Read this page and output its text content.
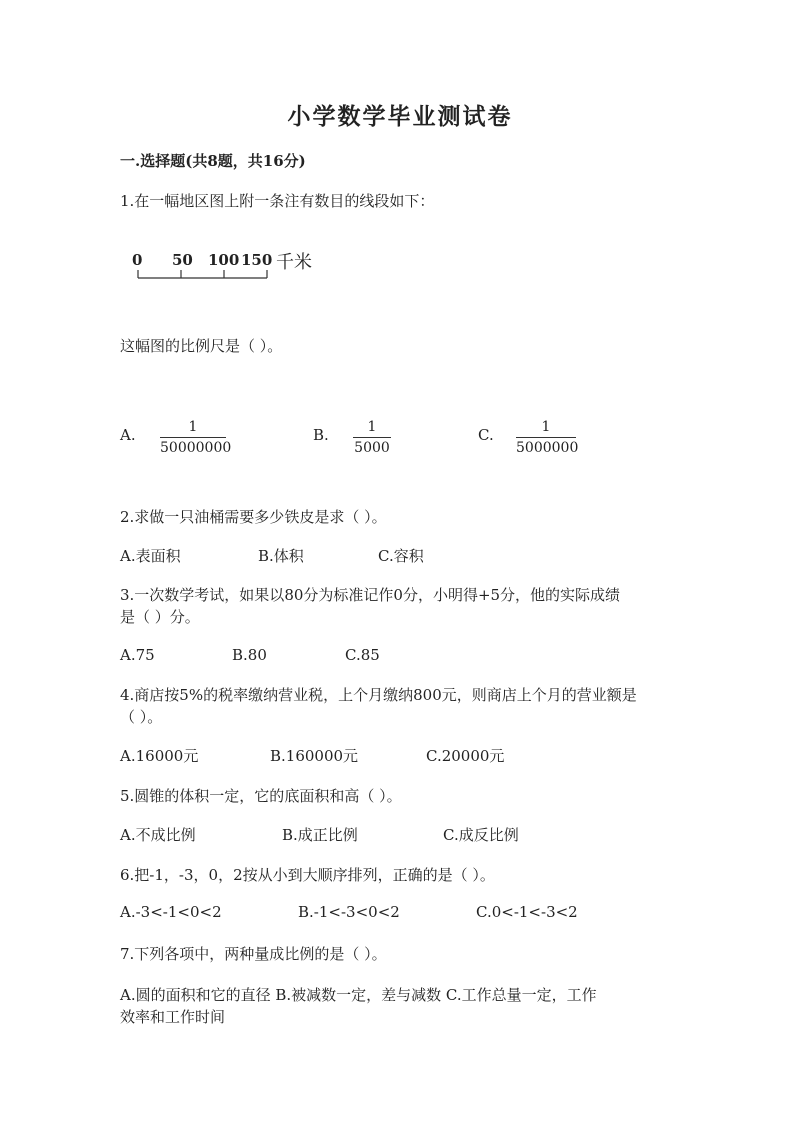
小学数学毕业测试卷
一.选择题(共8题，共16分)
1.在一幅地区图上附一条注有数目的线段如下：
0 50 100 150 千米
这幅图的比例尺是（ ）。
A.	1
50000000
B.	1
5000
C.	1
5000000
2.求做一只油桶需要多少铁皮是求（ ）。
A.表面积	B.体积	C.容积
3.一次数学考试，如果以80分为标准记作0分，小明得+5分，他的实际成绩
是（ ）分。
A.75	B.80	C.85
4.商店按5%的税率缴纳营业税，上个月缴纳800元，则商店上个月的营业额是
（ ）。
A.16000元	B.160000元	C.20000元
5.圆锥的体积一定，它的底面积和高（ ）。
A.不成比例	B.成正比例	C.成反比例
6.把-1，-3，0，2按从小到大顺序排列，正确的是（ ）。
A.-3<-1<0<2	B.-1<-3<0<2	C.0<-1<-3<2
7.下列各项中，两种量成比例的是（ ）。
A.圆的面积和它的直径 B.被减数一定，差与减数 C.工作总量一定，工作
效率和工作时间
